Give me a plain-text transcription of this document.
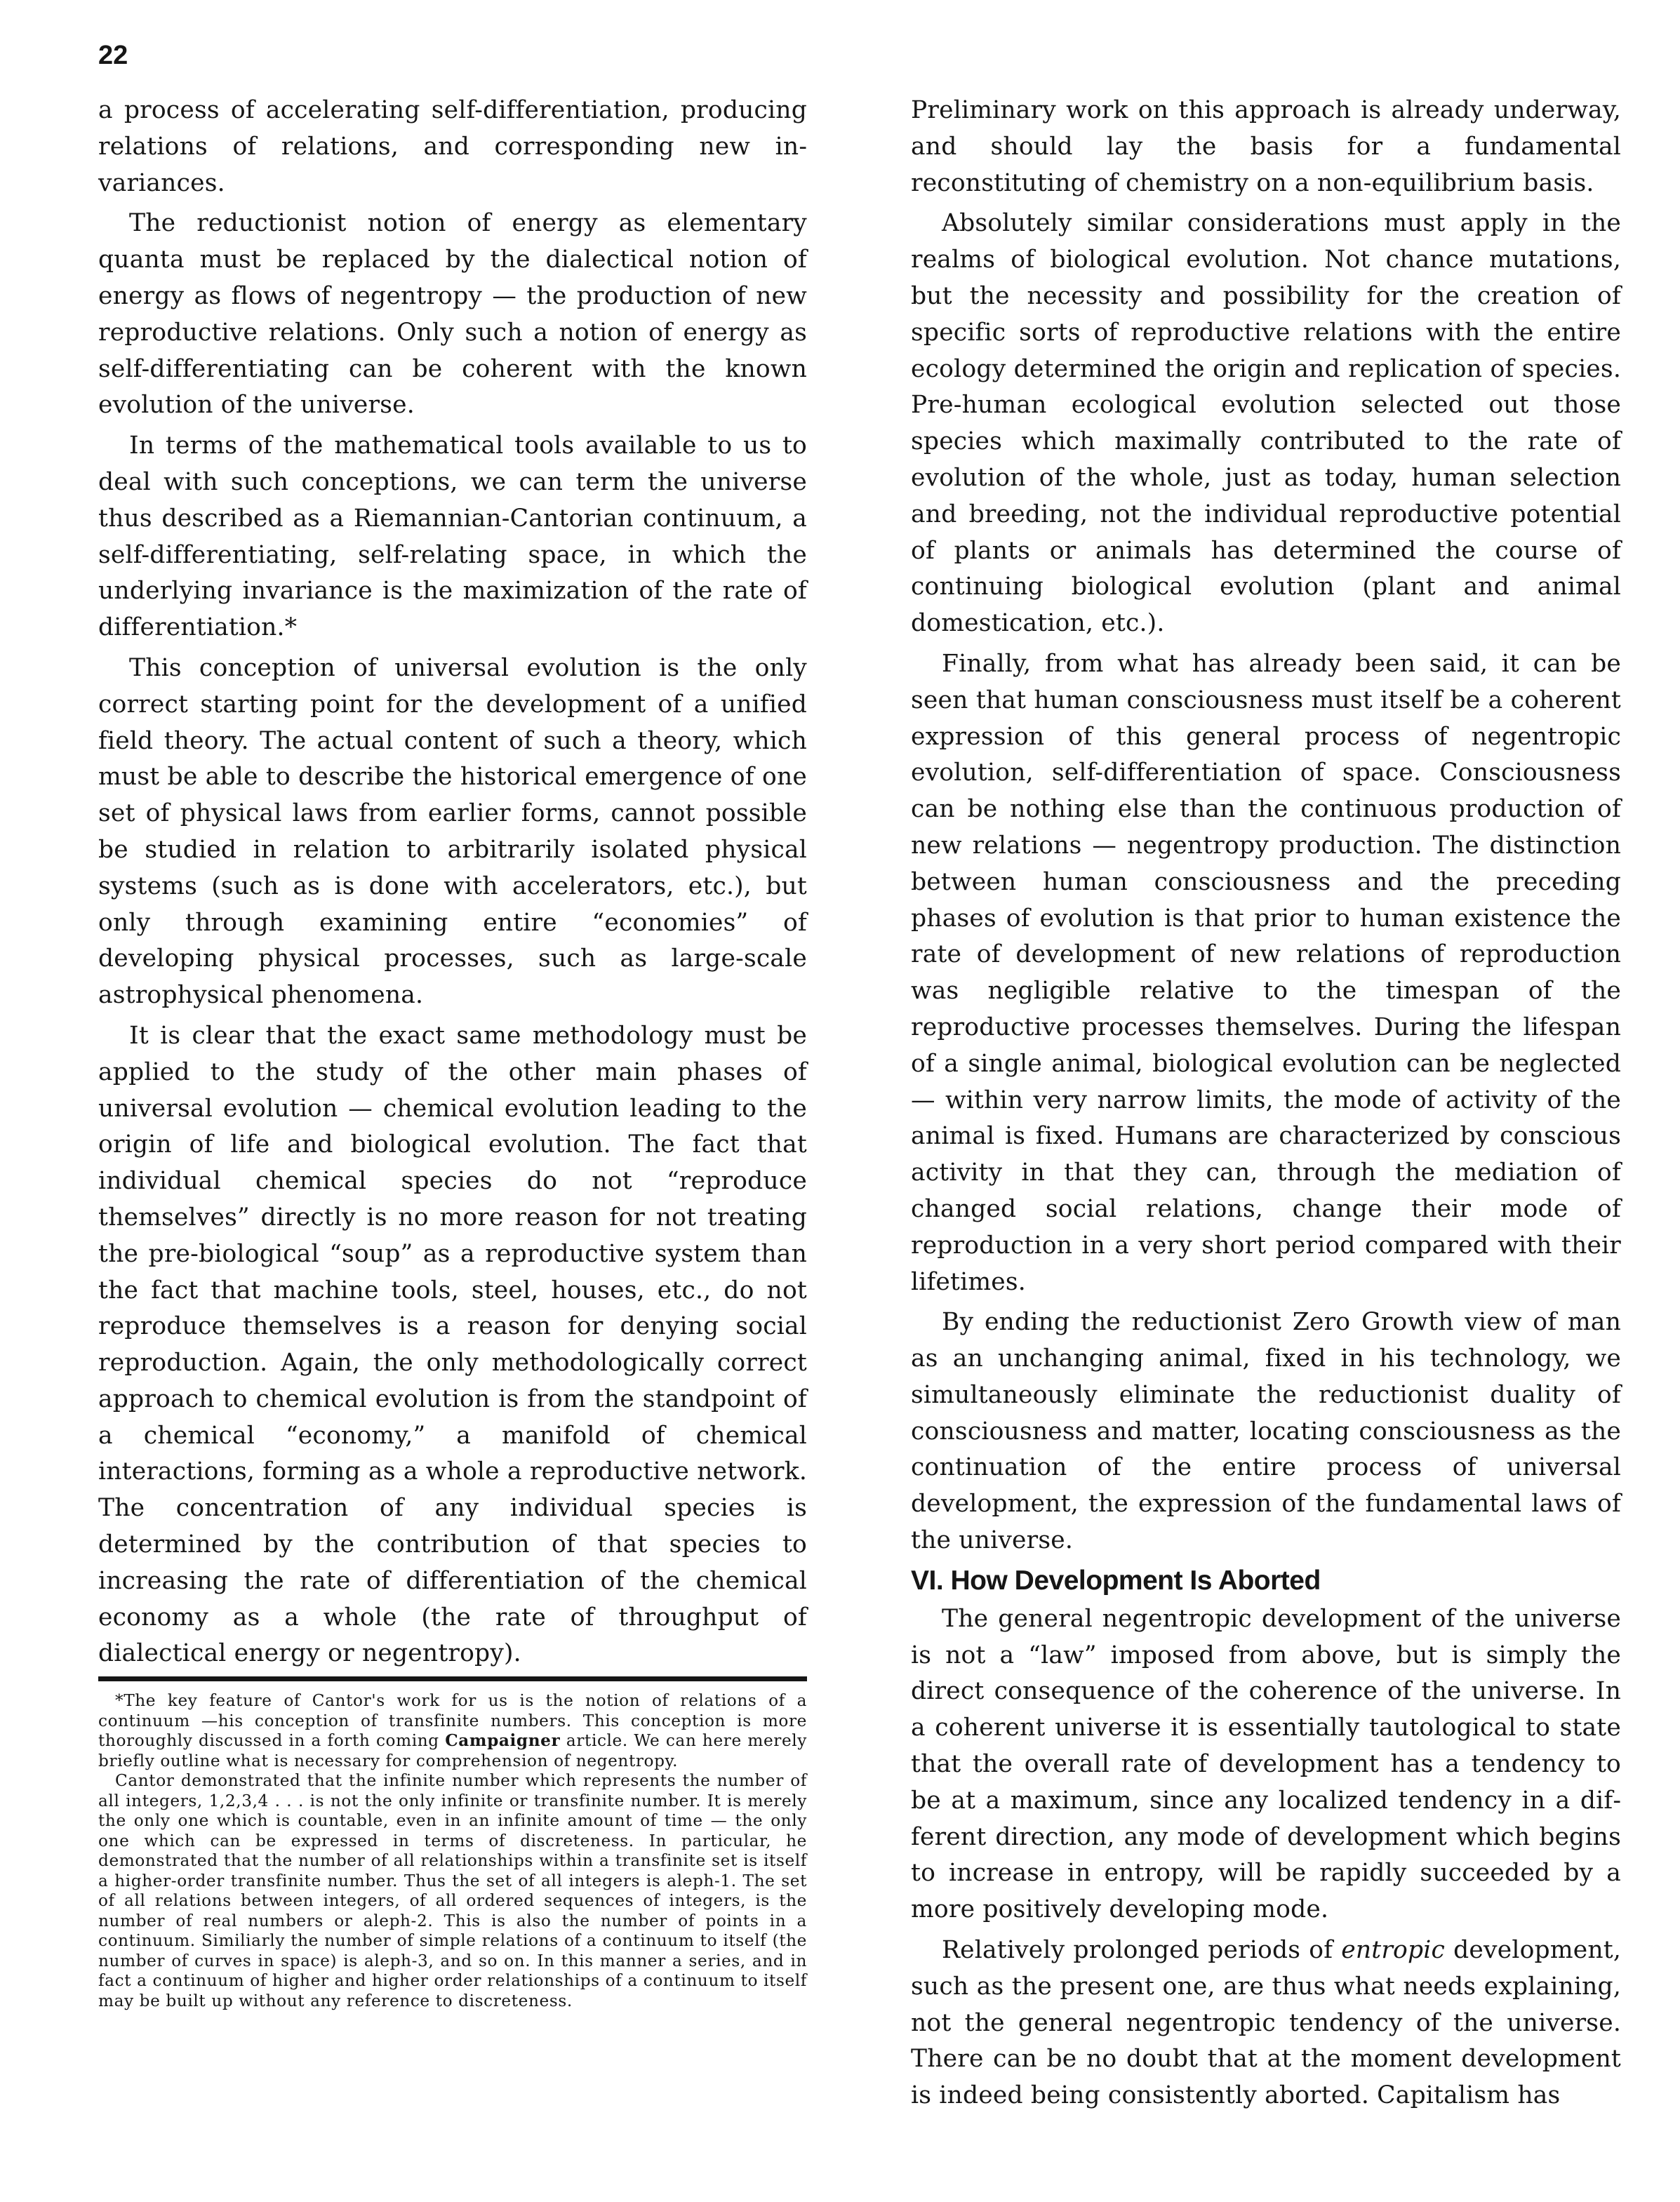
22

a process of accelerating self-differentiation, producing relations of relations, and corresponding new invariances.

The reductionist notion of energy as elementary quanta must be replaced by the dialectical notion of energy as flows of negentropy — the production of new reproductive relations. Only such a notion of energy as self-differentiating can be coherent with the known evolution of the universe.

In terms of the mathematical tools available to us to deal with such conceptions, we can term the universe thus described as a Riemannian-Cantorian continuum, a self-differentiating, self-relating space, in which the underlying invariance is the maximization of the rate of differentiation.*

This conception of universal evolution is the only correct starting point for the development of a unified field theory. The actual content of such a theory, which must be able to describe the historical emergence of one set of physical laws from earlier forms, cannot possible be studied in relation to arbitrarily isolated physical systems (such as is done with accelerators, etc.), but only through examining entire “economies” of developing physical processes, such as large-scale astrophysical phenomena.

It is clear that the exact same methodology must be applied to the study of the other main phases of universal evolution — chemical evolution leading to the origin of life and biological evolution. The fact that individual chemical species do not “reproduce themselves” directly is no more reason for not treating the pre-biological “soup” as a reproductive system than the fact that machine tools, steel, houses, etc., do not reproduce themselves is a reason for denying social reproduction. Again, the only methodologically correct approach to chemical evolution is from the standpoint of a chemical “economy,” a manifold of chemical interactions, forming as a whole a reproductive network. The concentration of any individual species is determined by the contribution of that species to increasing the rate of differentiation of the chemical economy as a whole (the rate of throughput of dialectical energy or negentropy).

*The key feature of Cantor's work for us is the notion of relations of a continuum —his conception of transfinite numbers. This conception is more thoroughly discussed in a forth coming Campaigner article. We can here merely briefly outline what is necessary for comprehension of negentropy.

Cantor demonstrated that the infinite number which represents the number of all integers, 1,2,3,4 . . . is not the only infinite or transfinite number. It is merely the only one which is countable, even in an infinite amount of time — the only one which can be expressed in terms of discreteness. In particular, he demonstrated that the number of all relationships within a transfinite set is itself a higher-order transfinite number. Thus the set of all integers is aleph-1. The set of all relations between integers, of all ordered sequences of integers, is the number of real numbers or aleph-2. This is also the number of points in a continuum. Similiarly the number of simple relations of a continuum to itself (the number of curves in space) is aleph-3, and so on. In this manner a series, and in fact a continuum of higher and higher order relationships of a continuum to itself may be built up without any reference to discreteness.

Preliminary work on this approach is already underway, and should lay the basis for a fundamental reconstituting of chemistry on a non-equilibrium basis.

Absolutely similar considerations must apply in the realms of biological evolution. Not chance mutations, but the necessity and possibility for the creation of specific sorts of reproductive relations with the entire ecology determined the origin and replication of species. Pre-human ecological evolution selected out those species which maximally contributed to the rate of evolution of the whole, just as today, human selection and breeding, not the individual reproductive potential of plants or animals has determined the course of continuing biological evolution (plant and animal domestication, etc.).

Finally, from what has already been said, it can be seen that human consciousness must itself be a coherent expression of this general process of negentropic evolution, self-differentiation of space. Consciousness can be nothing else than the continuous production of new relations — negentropy production. The distinction between human consciousness and the preceding phases of evolution is that prior to human existence the rate of development of new relations of reproduction was negligible relative to the timespan of the reproductive processes themselves. During the lifespan of a single animal, biological evolution can be neglected — within very narrow limits, the mode of activity of the animal is fixed. Humans are characterized by conscious activity in that they can, through the mediation of changed social relations, change their mode of reproduction in a very short period compared with their lifetimes.

By ending the reductionist Zero Growth view of man as an unchanging animal, fixed in his technology, we simultaneously eliminate the reductionist duality of consciousness and matter, locating consciousness as the continuation of the entire process of universal development, the expression of the fundamental laws of the universe.

VI. How Development Is Aborted

The general negentropic development of the universe is not a “law” imposed from above, but is simply the direct consequence of the coherence of the universe. In a coherent universe it is essentially tautological to state that the overall rate of development has a tendency to be at a maximum, since any localized tendency in a different direction, any mode of development which begins to increase in entropy, will be rapidly succeeded by a more positively developing mode.

Relatively prolonged periods of entropic development, such as the present one, are thus what needs explaining, not the general negentropic tendency of the universe. There can be no doubt that at the moment development is indeed being consistently aborted. Capitalism has
